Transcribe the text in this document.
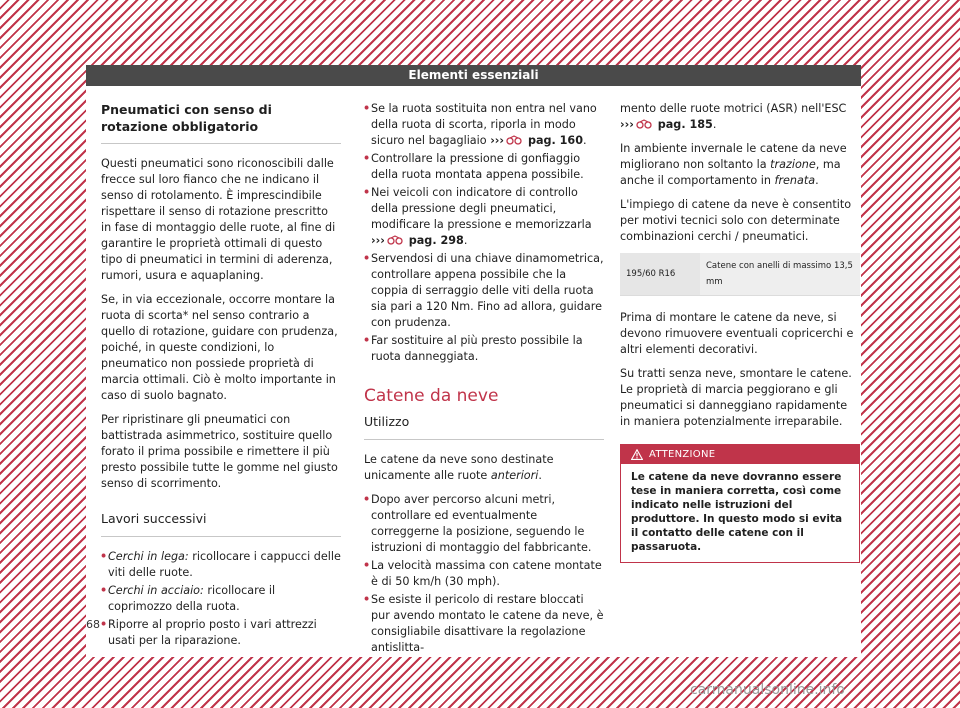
Elementi essenziali
Pneumatici con senso di rotazione obbligatorio

Questi pneumatici sono riconoscibili dalle frecce sul loro fianco che ne indicano il senso di rotolamento. È imprescindibile rispettare il senso di rotazione prescritto in fase di montaggio delle ruote, al fine di garantire le proprietà ottimali di questo tipo di pneumatici in termini di aderenza, rumori, usura e aquaplaning.

Se, in via eccezionale, occorre montare la ruota di scorta* nel senso contrario a quello di rotazione, guidare con prudenza, poiché, in queste condizioni, lo pneumatico non possiede proprietà di marcia ottimali. Ciò è molto importante in caso di suolo bagnato.

Per ripristinare gli pneumatici con battistrada asimmetrico, sostituire quello forato il prima possibile e rimettere il più presto possibile tutte le gomme nel giusto senso di scorrimento.

Lavori successivi
• Cerchi in lega: ricollocare i cappucci delle viti delle ruote.
• Cerchi in acciaio: ricollocare il coprimozzo della ruota.
• Riporre al proprio posto i vari attrezzi usati per la riparazione.
• Se la ruota sostituita non entra nel vano della ruota di scorta, riporla in modo sicuro nel bagagliaio ››› pag. 160.
• Controllare la pressione di gonfiaggio della ruota montata appena possibile.
• Nei veicoli con indicatore di controllo della pressione degli pneumatici, modificare la pressione e memorizzarla ››› pag. 298.
• Servendosi di una chiave dinamometrica, controllare appena possibile che la coppia di serraggio delle viti della ruota sia pari a 120 Nm. Fino ad allora, guidare con prudenza.
• Far sostituire al più presto possibile la ruota danneggiata.
Catene da neve
Utilizzo

Le catene da neve sono destinate unicamente alle ruote anteriori.

• Dopo aver percorso alcuni metri, controllare ed eventualmente correggerne la posizione, seguendo le istruzioni di montaggio del fabbricante.
• La velocità massima con catene montate è di 50 km/h (30 mph).
• Se esiste il pericolo di restare bloccati pur avendo montato le catene da neve, è consigliabile disattivare la regolazione antislitta-

mento delle ruote motrici (ASR) nell'ESC ››› pag. 185.

In ambiente invernale le catene da neve migliorano non soltanto la trazione, ma anche il comportamento in frenata.

L'impiego di catene da neve è consentito per motivi tecnici solo con determinate combinazioni cerchi / pneumatici.

195/60 R16	Catene con anelli di massimo 13,5 mm

Prima di montare le catene da neve, si devono rimuovere eventuali copricerchi e altri elementi decorativi.

Su tratti senza neve, smontare le catene. Le proprietà di marcia peggiorano e gli pneumatici si danneggiano rapidamente in maniera potenzialmente irreparabile.

ATTENZIONE
Le catene da neve dovranno essere tese in maniera corretta, così come indicato nelle istruzioni del produttore. In questo modo si evita il contatto delle catene con il passaruota.
68
carmanualsonline.info
